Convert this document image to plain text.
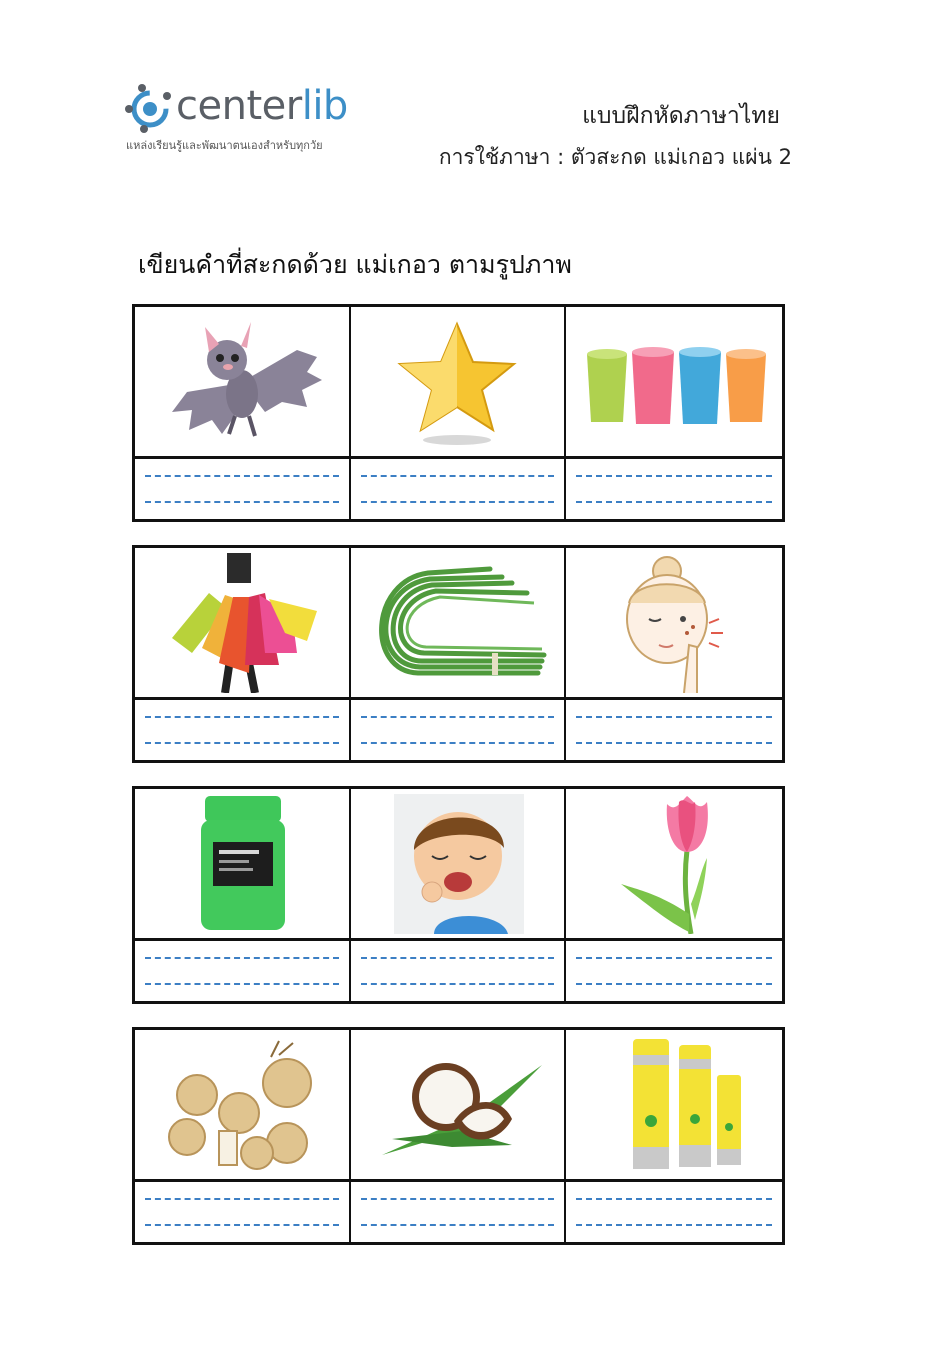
centerlib
แหล่งเรียนรู้และพัฒนาตนเองสำหรับทุกวัย
แบบฝึกหัดภาษาไทย
การใช้ภาษา : ตัวสะกด แม่เกอว แผ่น 2
เขียนคำที่สะกดด้วย แม่เกอว ตามรูปภาพ
